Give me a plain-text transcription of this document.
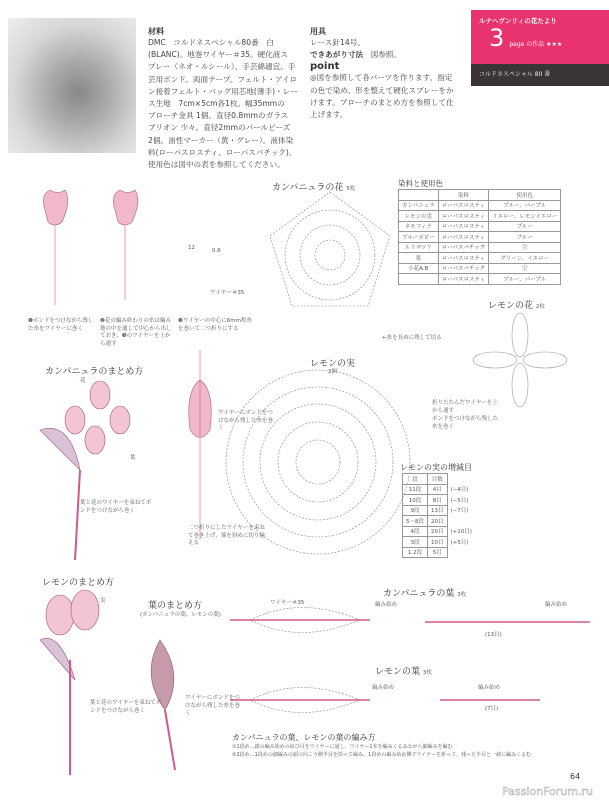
材料
DMC　コルドネスペシャル80番　白
(BLANC)。地巻ワイヤー＃35。硬化液ス
プレー（ネオ・ルシール）、手芸綿適宜。手
芸用ボンド。両面テープ。フェルト・アイロ
ン接着フェルト・バッグ用芯地(薄手)・レー
ス生地　7cm×5cm各1枚。幅35mmの
ブローチ金具 1個。直径0.8mmのガラス
ブリオン 少々。直径2mmのパールビーズ
2個。油性マーカー（黄・グレー）。液体染
料(ローパスロスティ、ローパスバチック)。
使用色は図中の表を参照してください。
用具
レース針14号。
できあがり寸法　 図参照。
point
◎図を参照して各パーツを作ります。指定
の色で染め、形を整えて硬化スプレーをか
けます。ブローチのまとめ方を参照して仕
上げます。
ルナヘヴンリィの花たより
3 page の作品 ★★★
コルドネスペシャル 80 番
❶ボンドをつけながら残した糸をワイヤーに巻く
❷花の編み終わりの糸は編み地の中を通して中心から出しておき、❸のワイヤーを上から通す
❸ワイヤーの中心に6mm程糸を巻いて二つ折りにする
ワイヤー＃35
12	0.6
カンパニュラの花 5枚
染料と使用色
	染料	使用色
カンパニュラ	ローパスロスティ	ブルー、パープル
レモンの実	ローパスロスティ	イエロー、レモンイエロー
ネモフィラ	ローパスロスティ	ブルー
ブルーポピー	ローパスロスティ	ブルー
ルリマツリ	ローパスバチック	空
葉	ローパスロスティ	グリーン、イエロー
小花A.B	ローパスバチック	空
	ローパスロスティ	ブルー、パープル
レモンの花 2枚
←糸を長めに残して切る
折りたたんだワイヤーを上から通す
ボンドをつけながら残した糸を巻く
レモンの実
2個
レモンの実の増減目
段	目数	
11段	4目	(−4目)
10段	8目	(−5目)
9段	13目	(−7目)
5〜8段	20目	
4段	20目	(+10目)
3段	10目	(+5目)
1.2段	5目	
カンパニュラのまとめ方
花
葉
ワイヤーにボンドをつけながら残した糸を巻く
二つ折りにしたワイヤーを束ねて巻き上げ、端を斜めに切り揃える
葉と花のワイヤーを束ねてボンドをつけながら巻く
レモンのまとめ方
実
葉と花のワイヤーを束ねてボンドをつけながら巻く
葉のまとめ方
(カンパニュラの葉、レモンの葉)
ワイヤーにボンドをつけながら残した糸を巻く
カンパニュラの葉 3枚
編み始め	編み始め
(13目)
ワイヤー＃35
レモンの葉 3枚
編み始め	編み始め
(7目)
カンパニュラの葉、レモンの葉の編み方
①1段め…鎖の編み始めの結び目をワイヤーに通し、ワイヤー1本を編みくるみながら細編みを編む
②2段め…1段めの細編みの頭の向こう側半目を拾って編み、1段めの編み始め側でワイヤーを折って、残った半目と一緒に編みくるむ
64
PassionForum.ru
